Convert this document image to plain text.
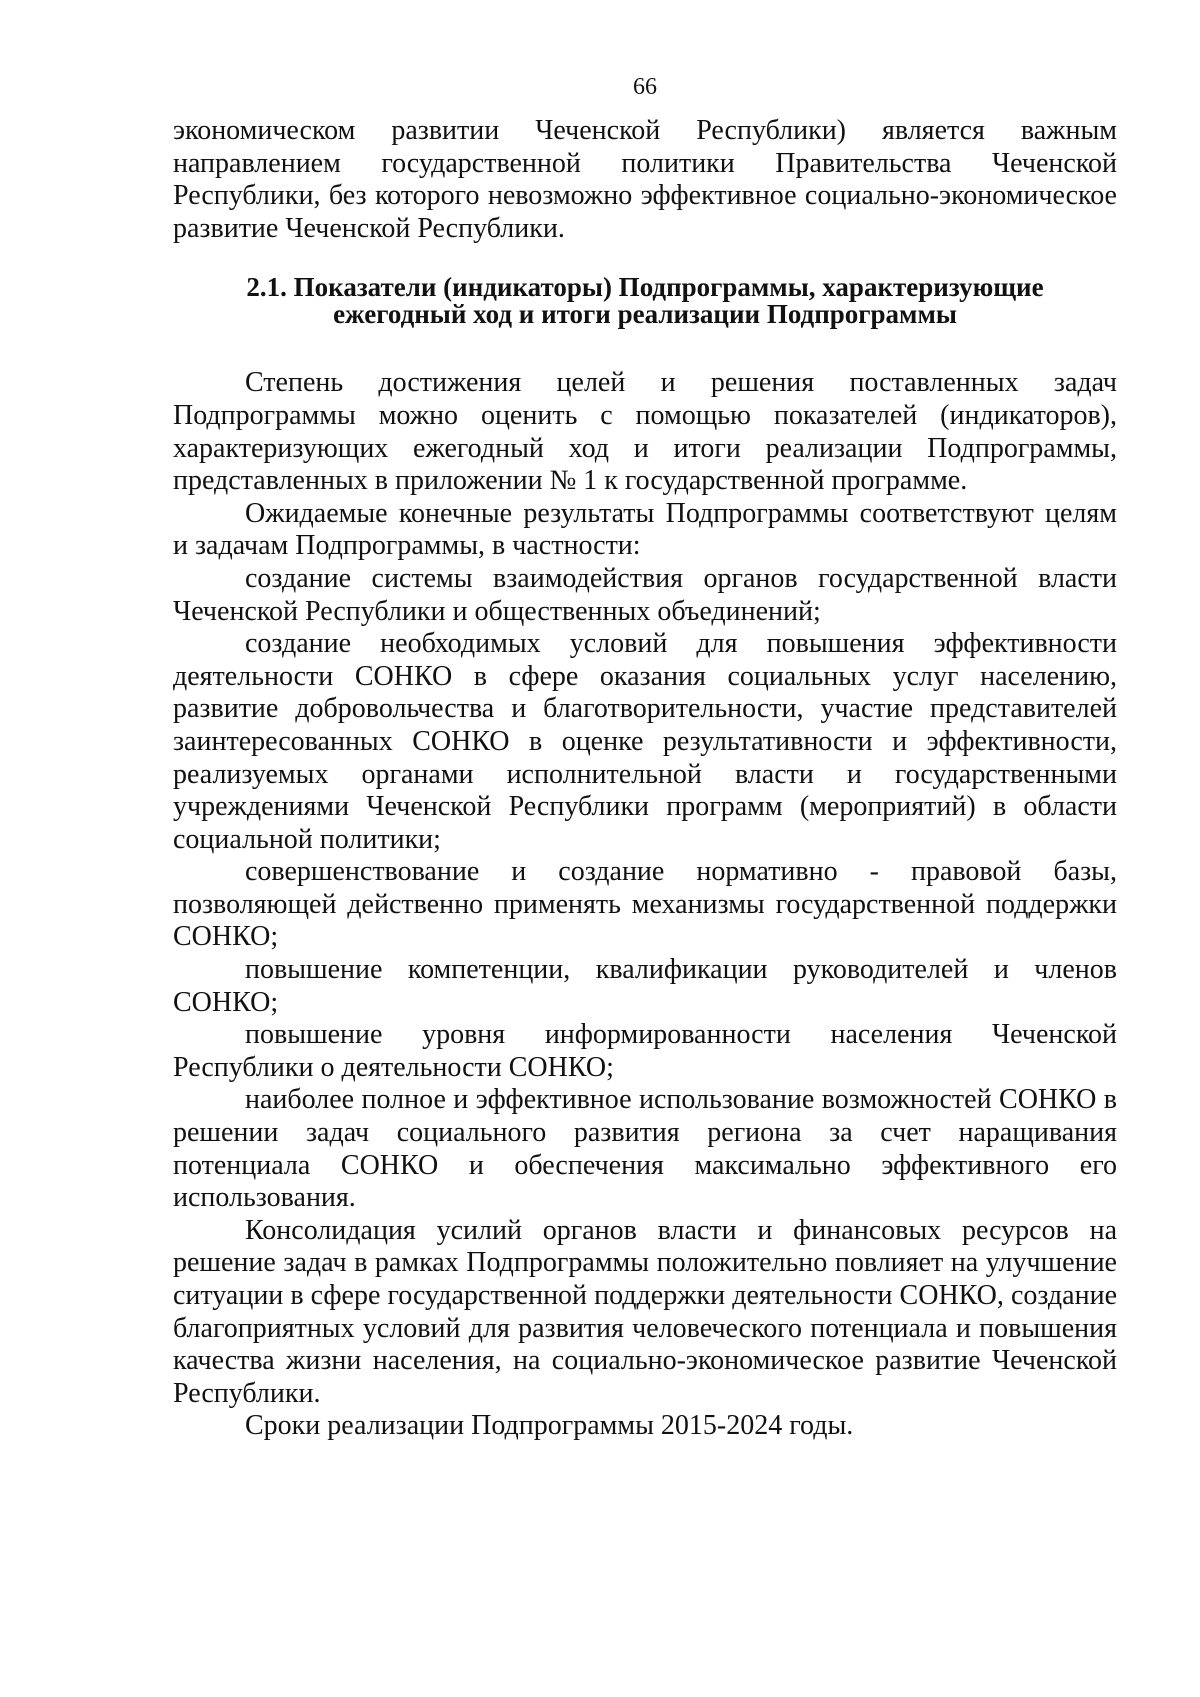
66

экономическом развитии Чеченской Республики) является важным направлением государственной политики Правительства Чеченской Республики, без которого невозможно эффективное социально-экономическое развитие Чеченской Республики.

2.1. Показатели (индикаторы) Подпрограммы, характеризующие
ежегодный ход и итоги реализации Подпрограммы

Степень достижения целей и решения поставленных задач Подпрограммы можно оценить с помощью показателей (индикаторов), характеризующих ежегодный ход и итоги реализации Подпрограммы, представленных в приложении № 1 к государственной программе.

Ожидаемые конечные результаты Подпрограммы соответствуют целям и задачам Подпрограммы, в частности:

создание системы взаимодействия органов государственной власти Чеченской Республики и общественных объединений;

создание необходимых условий для повышения эффективности деятельности СОНКО в сфере оказания социальных услуг населению, развитие добровольчества и благотворительности, участие представителей заинтересованных СОНКО в оценке результативности и эффективности, реализуемых органами исполнительной власти и государственными учреждениями Чеченской Республики программ (мероприятий) в области социальной политики;

совершенствование и создание нормативно - правовой базы, позволяющей действенно применять механизмы государственной поддержки СОНКО;

повышение компетенции, квалификации руководителей и членов СОНКО;

повышение уровня информированности населения Чеченской Республики о деятельности СОНКО;

наиболее полное и эффективное использование возможностей СОНКО в решении задач социального развития региона за счет наращивания потенциала СОНКО и обеспечения максимально эффективного его использования.

Консолидация усилий органов власти и финансовых ресурсов на решение задач в рамках Подпрограммы положительно повлияет на улучшение ситуации в сфере государственной поддержки деятельности СОНКО, создание благоприятных условий для развития человеческого потенциала и повышения качества жизни населения, на социально-экономическое развитие Чеченской Республики.

Сроки реализации Подпрограммы 2015-2024 годы.
